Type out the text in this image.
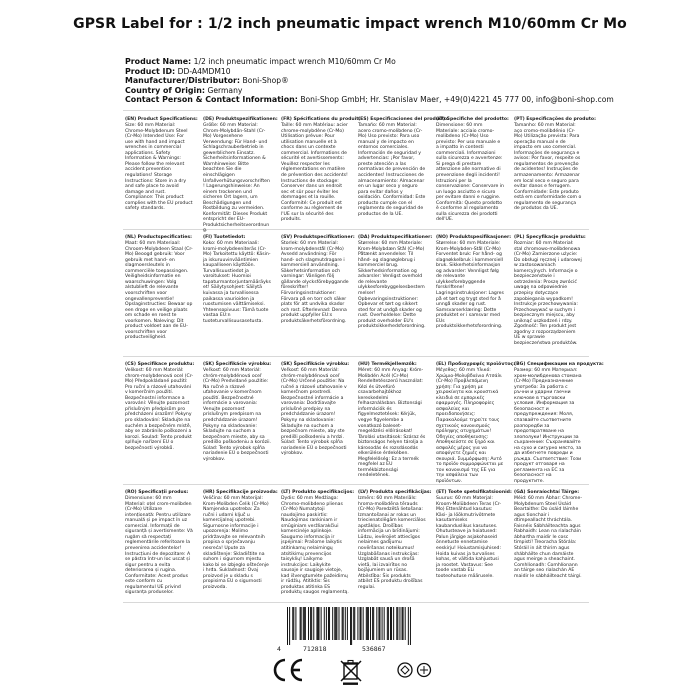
GPSR Label for : 1/2 inch pneumatic impact wrench M10/60mm Cr Mo
Product Name: 1/2 inch pneumatic impact wrench M10/60mm Cr Mo
Product ID: DD-A4MDM10
Manufacturer/Distributor: Boni-Shop®
Country of Origin: Germany
Contact Person & Contact Information: Boni-Shop GmbH; Hr. Stanislav Maer, +49(0)4221 45 777 00, info@boni-shop.com
(EN) Product Specifications:
Size: 60 mm Material: Chrome-Molybdenum Steel (Cr-Mo) Intended Use: For use with hand and impact wrenches in commercial applications. Safety Information & Warnings: Please follow the relevant accident prevention regulations! Storage Instructions: Store in a dry and safe place to avoid damage and rust. Compliance: This product complies with the EU product safety standards.
(DE) Produktspezifikationen:
Größe: 60 mm Material: Chrom-Molybdän-Stahl (Cr-Mo) Vorgesehene Verwendung: Für Hand- und Schlagschrauberbetrieb in gewerblichem Einsatz. Sicherheitsinformationen & Warnhinweise: Bitte beachten Sie die einschlägigen Unfallverhütungsvorschriften! Lagerungshinweise: An einem trockenen und sicheren Ort lagern, um Beschädigungen und Rostbildung zu vermeiden. Konformität: Dieses Produkt entspricht der EU-Produktsicherheitsverordnung.
(FR) Spécifications du produit:
Taille: 60 mm Matériau: acier chrome-molybdène (Cr-Mo) Utilisation prévue: Pour utilisation manuelle et à chocs dans un contexte commercial. Informations de sécurité et avertissements: Veuillez respecter les réglementations en matière de prévention des accidents! Instructions de stockage: Conserver dans un endroit sec et sûr pour éviter les dommages et la rouille. Conformité: Ce produit est conforme au règlement de l'UE sur la sécurité des produits.
(ES) Especificaciones del producto:
Tamaño: 60 mm Material: acero cromo-molibdeno (Cr-Mo) Uso previsto: Para uso manual y de impacto en entornos comerciales. Información de seguridad y advertencias: ¡Por favor, preste atención a las normativas de prevención de accidentes! Instrucciones de almacenamiento: Almacenar en un lugar seco y seguro para evitar daños y oxidación. Conformidad: Este producto cumple con el reglamento de seguridad de productos de la UE.
(IT) Specifiche del prodotto:
Dimensione: 60 mm Materiale: acciaio cromo-molibdeno (Cr-Mo) Uso previsto: Per uso manuale e a impatto in contesti commerciali. Informazioni sulla sicurezza e avvertenze: Si prega di prestare attenzione alle normative di prevenzione degli incidenti! Istruzioni per la conservazione: Conservare in un luogo asciutto e sicuro per evitare danni e ruggine. Conformità: Questo prodotto è conforme al regolamento sulla sicurezza dei prodotti dell'UE.
(PT) Especificações do produto:
Tamanho: 60 mm Material: aço cromo-molibdénio (Cr-Mo) Utilização prevista: Para operação manual e de impacto em uso comercial. Informações de segurança e avisos: Por favor, respeite os regulamentos de prevenção de acidentes! Instruções de armazenamento: Armazenar em local seco e seguro para evitar danos e ferrugem. Conformidade: Este produto está em conformidade com o regulamento de segurança de produtos da UE.
(NL) Productspecificaties:
Maat: 60 mm Materiaal: Chroom-Molybdeen Staal (Cr-Mo) Beoogd gebruik: Voor gebruik met hand- en slagmoersleutels in commerciële toepassingen. Veiligheidsinformatie en waarschuwingen: Volg alstublieft de relevante voorschriften voor ongevallenpreventie! Opslaginstructies: Bewaar op een droge en veilige plaats om schade en roest te voorkomen. Naleving: Dit product voldoet aan de EU-voorschriften voor productveiligheid.
(FI) Tuotetiedot:
Koko: 60 mm Materiaali: kromi-molybdeeniteräs (Cr-Mo) Tarkoitettu käyttö: Käsin- ja iskuruuvinvääntimien kaupalliseen käyttöön. Turvallisuustiedot ja varoitukset: Huomioi tapaturmantorjuntamääräykset! Säilytysohjeet: Säilytä kuivassa ja turvallisessa paikassa vaurioiden ja ruostumisen välttämiseksi. Yhteensopivuus: Tämä tuote vastaa EU:n tuoteturvallisuusasetusta.
(SV) Produktspecifikationer:
Storlek: 60 mm Material: krom-molybdenstål (Cr-Mo) Avsedd användning: För hand- och slagmutdragare i kommersiell användning. Säkerhetsinformation och varningar: Vänligen följ gällande olycksförebyggande föreskrifter! Förvaringsinstruktioner: Förvara på en torr och säker plats för att undvika skador och rost. Efterlevnad: Denna produkt uppfyller EU:s produktsäkerhetsförordning.
(DA) Produktspecifikationer:
Størrelse: 60 mm Materiale: Krom-Molybdæn Stål (Cr-Mo) Påtænkt anvendelse: Til hånd- og slagnøglebrug i kommerciel brug. Sikkerhedsinformation og advarsler: Venligst overhold de relevante ulykkesforebyggelsesbestemmelser! Opbevaringsinstruktioner: Opbevar et tørt og sikkert sted for at undgå skader og rust. Overholdelse: Dette produkt overholder EU's produktsikkerhedsforordning.
(NO) Produktspesifikasjoner:
Størrelse: 60 mm Materiale: Krom-Molybden-Stål (Cr-Mo) Forventet bruk: For hånd- og slagnøkkelbruk i kommersiell bruk. Sikkerhetsinformasjon og advarsler: Vennligst følg de relevante ulykkesforebyggende forskriftene! Lagringsinstruksjoner: Lagres på et tørt og trygt sted for å unngå skader og rust. Samsvarserklæring: Dette produktet er i samsvar med EUs produktsikkerhetsforordning.
(PL) Specyfikacje produktu:
Rozmiar: 60 mm Materiał: stal chromowo-molibdenowa (Cr-Mo) Zamierzone użycie: Do obsługi ręcznej i udarowej w zastosowaniach komercyjnych. Informacje o bezpieczeństwie i ostrzeżenia: Proszę zwrócić uwagę na odpowiednie przepisy dotyczące zapobiegania wypadkom! Instrukcje przechowywania: Przechowywać w suchym i bezpiecznym miejscu, aby uniknąć uszkodzeń i rdzy. Zgodność: Ten produkt jest zgodny z rozporządzeniem UE w sprawie bezpieczeństwa produktów.
(CS) Specifikace produktu:
Velikost: 60 mm Materiál: chrom-molybdenová ocel (Cr-Mo) Předpokládané použití: Pro ruční a rázové utahování v komerčním použití. Bezpečnostní informace a varování: Věnujte pozornost příslušným předpisům pro předcházení úrazům! Pokyny pro skladování: Skladujte na suchém a bezpečném místě, aby se zabránilo poškození a korozi. Soulad: Tento produkt splňuje nařízení EU o bezpečnosti výrobků.
(SK) Špecifikácie výrobku:
Veľkosť: 60 mm Materiál: chróm-molybdénová oceľ (Cr-Mo) Predvídané použitie: Na ručné a rázové uťahovanie v komerčnom použití. Bezpečnostné informácie a varovania: Venujte pozornosť príslušným predpisom na predchádzanie úrazom! Pokyny na skladovanie: Skladujte na suchom a bezpečnom mieste, aby sa predišlo poškodeniu a korózii. Súlad: Tento výrobok spĺňa nariadenie EÚ o bezpečnosti výrobkov.
(SK) Špecifikácie výrobku:
Veľkosť: 60 mm Materiál: chróm-molybdénová oceľ (Cr-Mo) Určené použitie: Na ručné a rázové uťahovanie v komerčnom prostredí. Bezpečnostné informácie a varovania: Dodržiavajte príslušné predpisy na predchádzanie úrazom! Pokyny na skladovanie: Skladujte na suchom a bezpečnom mieste, aby ste predišli poškodeniu a hrdzi. Súlad: Tento výrobok spĺňa nariadenie EÚ o bezpečnosti výrobkov.
(HU) Termékjellemzők:
Méret: 60 mm Anyag: Króm-Molibdén Acél (Cr-Mo) Rendeltetésszerű használat: Kézi és ütvefúró csavarbehajtókhoz kereskedelmi felhasználásban. Biztonsági információk és figyelmeztetések: Kérjük, vegye figyelembe a vonatkozó baleset-megelőzési előírásokat! Tárolási utasítások: Száraz és biztonságos helyen tárolja a károsodás és rozsdásodás elkerülése érdekében. Megfelelőség: Ez a termék megfelel az EU termékbiztonsági rendeletének.
(EL) Προδιαγραφές προϊόντος:
Μέγεθος: 60 mm Υλικό: Χρώμιο-Μολυβδαίνιο Ατσάλι (Cr-Mo) Προβλεπόμενη χρήση: Για χρήση με χειροκίνητα και κρουστικά κλειδιά σε εμπορικές εφαρμογές. Πληροφορίες ασφαλείας και προειδοποιήσεις: Παρακαλούμε τηρείτε τους σχετικούς κανονισμούς πρόληψης ατυχημάτων! Οδηγίες αποθήκευσης: Αποθηκεύστε σε ξηρό και ασφαλές μέρος για να αποφύγετε ζημιές και σκουριά. Συμμόρφωση: Αυτό το προϊόν συμμορφώνεται με τον κανονισμό της ΕΕ για την ασφάλεια των προϊόντων.
(BG) Спецификации на продукта:
Размер: 60 mm Материал: хром-молибденова стомана (Cr-Mo) Предназначение употреба: За работа с ръчни и ударни гаечни ключове в търговски условия. Информация за безопасност и предупреждения: Моля, спазвайте съответните разпоредби за предотвратяване на злополуки! Инструкции за съхранение: Съхранявайте на сухо и сигурно място, за да избегнете повреди и ръжда. Съответствие: Този продукт отговаря на регламента на ЕС за безопасност на продуктите.
(RO) Specificații produs:
Dimensiune: 60 mm Material: oțel crom-molibden (Cr-Mo) Utilizare intenționată: Pentru utilizare manuală și pe impact în uz comercial. Informații de siguranță și avertismente: Vă rugăm să respectați reglementările referitoare la prevenirea accidentelor! Instrucțiuni de depozitare: A se păstra într-un loc uscat și sigur pentru a evita deteriorarea și rugina. Conformitate: Acest produs este conform cu regulamentul UE privind siguranța produselor.
(HR) Specifikacije proizvoda:
Veličina: 60 mm Materijal: Krom-Molibden Čelik (Cr-Mo) Namjenska upotreba: Za ručni i udarni ključ u komercijalnoj upotrebi. Sigurnosne informacije i upozorenja: Molimo pridržavajte se relevantnih propisa o sprječavanju nesreća! Upute za skladištenje: Skladištite na suhom i sigurnom mjestu kako bi se izbjeglo oštećenje i hrđa. Sukladnost: Ovaj proizvod je u skladu s propisima EU o sigurnosti proizvoda.
(LT) Produkto specifikacijos:
Dydis: 60 mm Medžiaga: Chromo-molibdeno plienas (Cr-Mo) Numatytoji naudojimo paskirtis: Naudojimas rankiniam ir smūginiam veržliarakčiui komercinėje aplinkoje. Saugumo informacija ir įspėjimai: Prašome laikytis atitinkamų nelaimingų atsitikimų prevencijos taisyklių! Laikymo instrukcijos: Laikykite sausoje ir saugioje vietoje, kad išvengtumėte pažeidimų ir rūdžių. Atitiktis: Šis produktas atitinka ES produktų saugos reglamentą.
(LV) Produkta specifikācijas:
Izmērs: 60 mm Materiāls: hroma-molibdēna tērauds (Cr-Mo) Paredzētā lietošana: Izmantošanai ar rokas un triecienatslēgām komerciālos apstākļos. Drošības informācija un brīdinājumi: Lūdzu, ievērojiet attiecīgos nelaimes gadījumu novēršanas noteikumus! Uzglabāšanas instrukcijas: Uzglabāt sausā un drošā vietā, lai izvairītos no bojājumiem un rūsas. Atbilstība: Šis produkts atbilst ES produktu drošības regulai.
(ET) Toote spetsifikatsioonid:
Suurus: 60 mm Materjal: Kroom-Molübdeen Teras (Cr-Mo) Ettenähtud kasutus: Käsi- ja löökmutrivõtmete kasutamiseks kaubanduslikus kasutuses. Ohutusteave ja hoiatused: Palun järgige asjakohaseid õnnetuste ennetamise eeskirju! Hoiustamisjuhised: Hoida kuivas ja turvalises kohas, et vältida kahjustusi ja roostet. Vastavus: See toode vastab ELi tooteohutuse määrusele.
(GA) Sonraíochtaí Táirge:
Méid: 60 mm Ábhar: Chrome-Molybdenum Steel Úsáid Beartaithe: Do úsáid láimhe agus tionchair i dtimpeallacht thráchtála. Faisnéis Sábháilteachta agus Rabhaidh: Lean na rialacháin ábhartha maidir le cosc timpistí! Treoracha Stórála: Stóráil in áit thirim agus shábháilte chun damáiste agus meirge a sheachaint. Comhlíonadh: Comhlíonann an táirge seo rialachán AE maidir le sábháilteacht táirgí.
4	712818	536867
